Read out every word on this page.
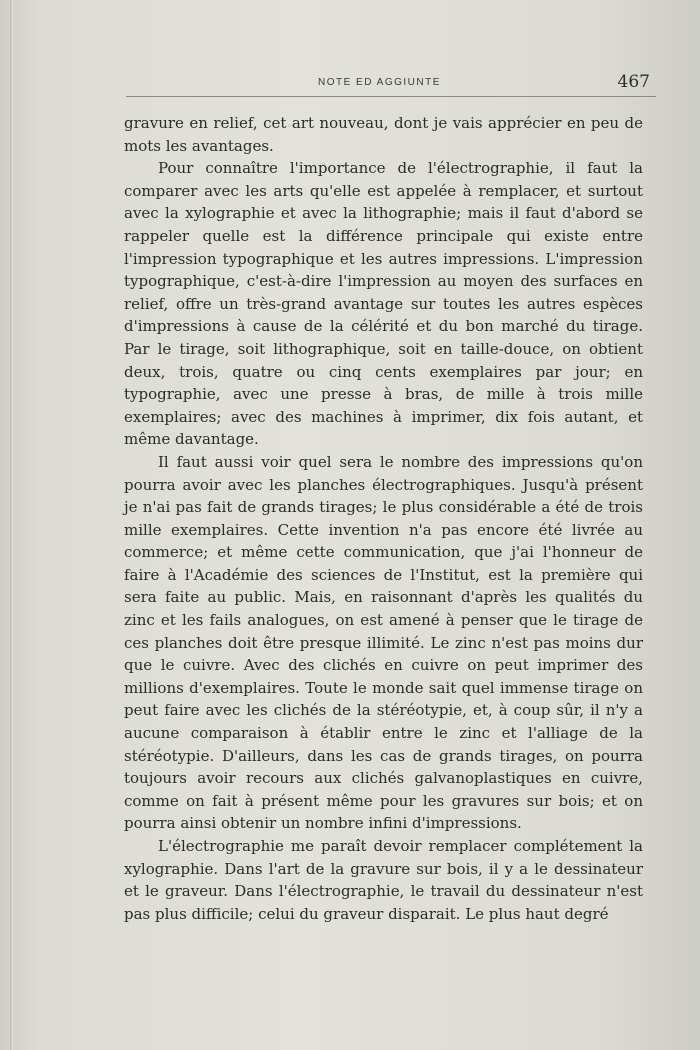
NOTE ED AGGIUNTE	467

gravure en relief, cet art nouveau, dont je vais apprécier en peu de mots les avantages.

Pour connaître l'importance de l'électrographie, il faut la comparer avec les arts qu'elle est appelée à remplacer, et surtout avec la xylographie et avec la lithographie; mais il faut d'abord se rappeler quelle est la différence principale qui existe entre l'impression typographique et les autres impressions. L'impression typographique, c'est-à-dire l'impression au moyen des surfaces en relief, offre un très-grand avantage sur toutes les autres espèces d'impressions à cause de la célérité et du bon marché du tirage. Par le tirage, soit lithographique, soit en taille-douce, on obtient deux, trois, quatre ou cinq cents exemplaires par jour; en typographie, avec une presse à bras, de mille à trois mille exemplaires; avec des machines à imprimer, dix fois autant, et même davantage.

Il faut aussi voir quel sera le nombre des impressions qu'on pourra avoir avec les planches électrographiques. Jusqu'à présent je n'ai pas fait de grands tirages; le plus considérable a été de trois mille exemplaires. Cette invention n'a pas encore été livrée au commerce; et même cette communication, que j'ai l'honneur de faire à l'Académie des sciences de l'Institut, est la première qui sera faite au public. Mais, en raisonnant d'après les qualités du zinc et les fails analogues, on est amené à penser que le tirage de ces planches doit être presque illimité. Le zinc n'est pas moins dur que le cuivre. Avec des clichés en cuivre on peut imprimer des millions d'exemplaires. Toute le monde sait quel immense tirage on peut faire avec les clichés de la stéréotypie, et, à coup sûr, il n'y a aucune comparaison à établir entre le zinc et l'alliage de la stéréotypie. D'ailleurs, dans les cas de grands tirages, on pourra toujours avoir recours aux clichés galvanoplastiques en cuivre, comme on fait à présent même pour les gravures sur bois; et on pourra ainsi obtenir un nombre infini d'impressions.

L'électrographie me paraît devoir remplacer complétement la xylographie. Dans l'art de la gravure sur bois, il y a le dessinateur et le graveur. Dans l'électrographie, le travail du dessinateur n'est pas plus difficile; celui du graveur disparait. Le plus haut degré
